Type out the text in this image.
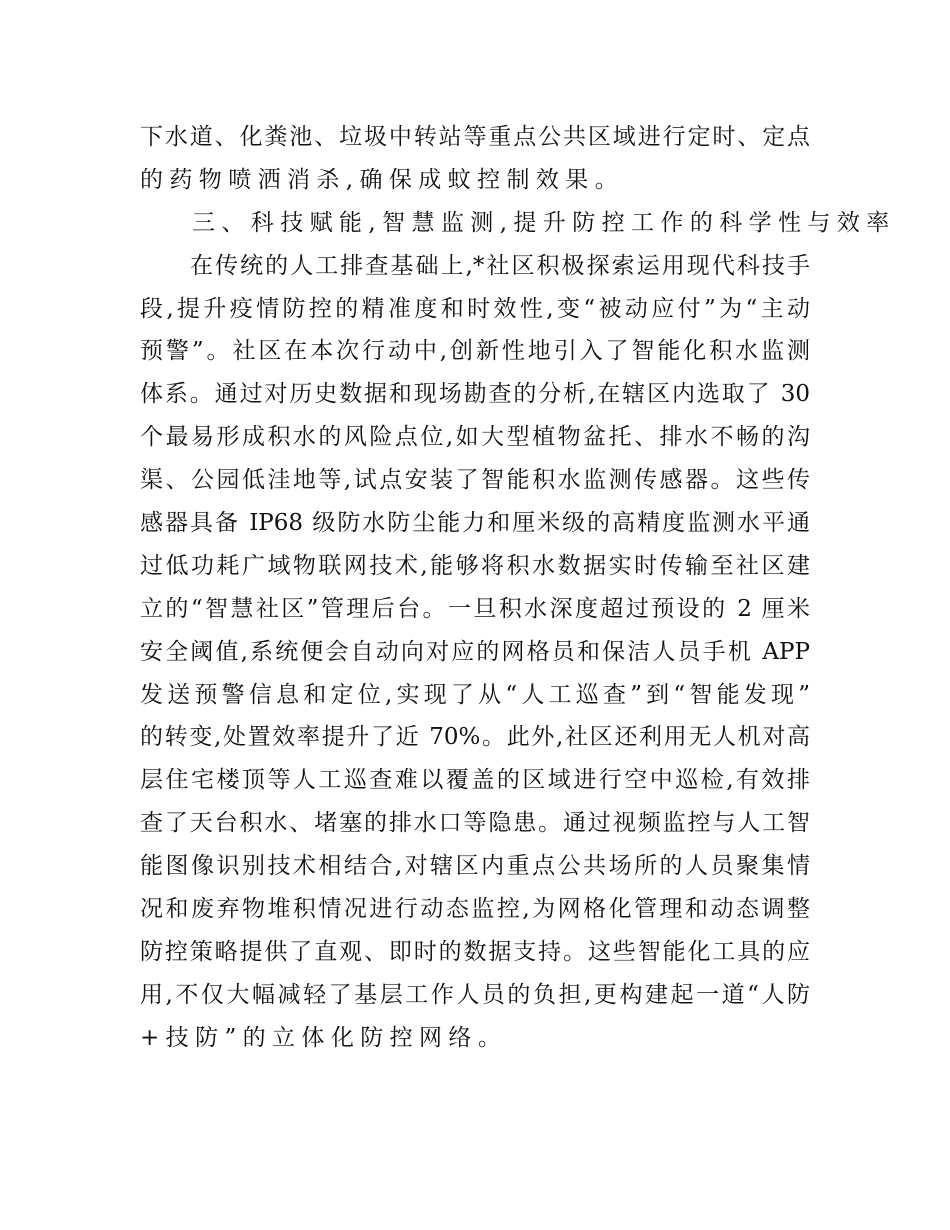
下水道、化粪池、垃圾中转站等重点公共区域进行定时、定点
的药物喷洒消杀,确保成蚊控制效果。
三、科技赋能,智慧监测,提升防控工作的科学性与效率
在传统的人工排查基础上,*社区积极探索运用现代科技手
段,提升疫情防控的精准度和时效性,变“被动应付”为“主动
预警”。社区在本次行动中,创新性地引入了智能化积水监测
体系。通过对历史数据和现场勘查的分析,在辖区内选取了 30
个最易形成积水的风险点位,如大型植物盆托、排水不畅的沟
渠、公园低洼地等,试点安装了智能积水监测传感器。这些传
感器具备 IP68 级防水防尘能力和厘米级的高精度监测水平通
过低功耗广域物联网技术,能够将积水数据实时传输至社区建
立的“智慧社区”管理后台。一旦积水深度超过预设的 2 厘米
安全阈值,系统便会自动向对应的网格员和保洁人员手机 APP
发送预警信息和定位,实现了从“人工巡查”到“智能发现”
的转变,处置效率提升了近 70%。此外,社区还利用无人机对高
层住宅楼顶等人工巡查难以覆盖的区域进行空中巡检,有效排
查了天台积水、堵塞的排水口等隐患。通过视频监控与人工智
能图像识别技术相结合,对辖区内重点公共场所的人员聚集情
况和废弃物堆积情况进行动态监控,为网格化管理和动态调整
防控策略提供了直观、即时的数据支持。这些智能化工具的应
用,不仅大幅减轻了基层工作人员的负担,更构建起一道“人防
+技防”的立体化防控网络。
